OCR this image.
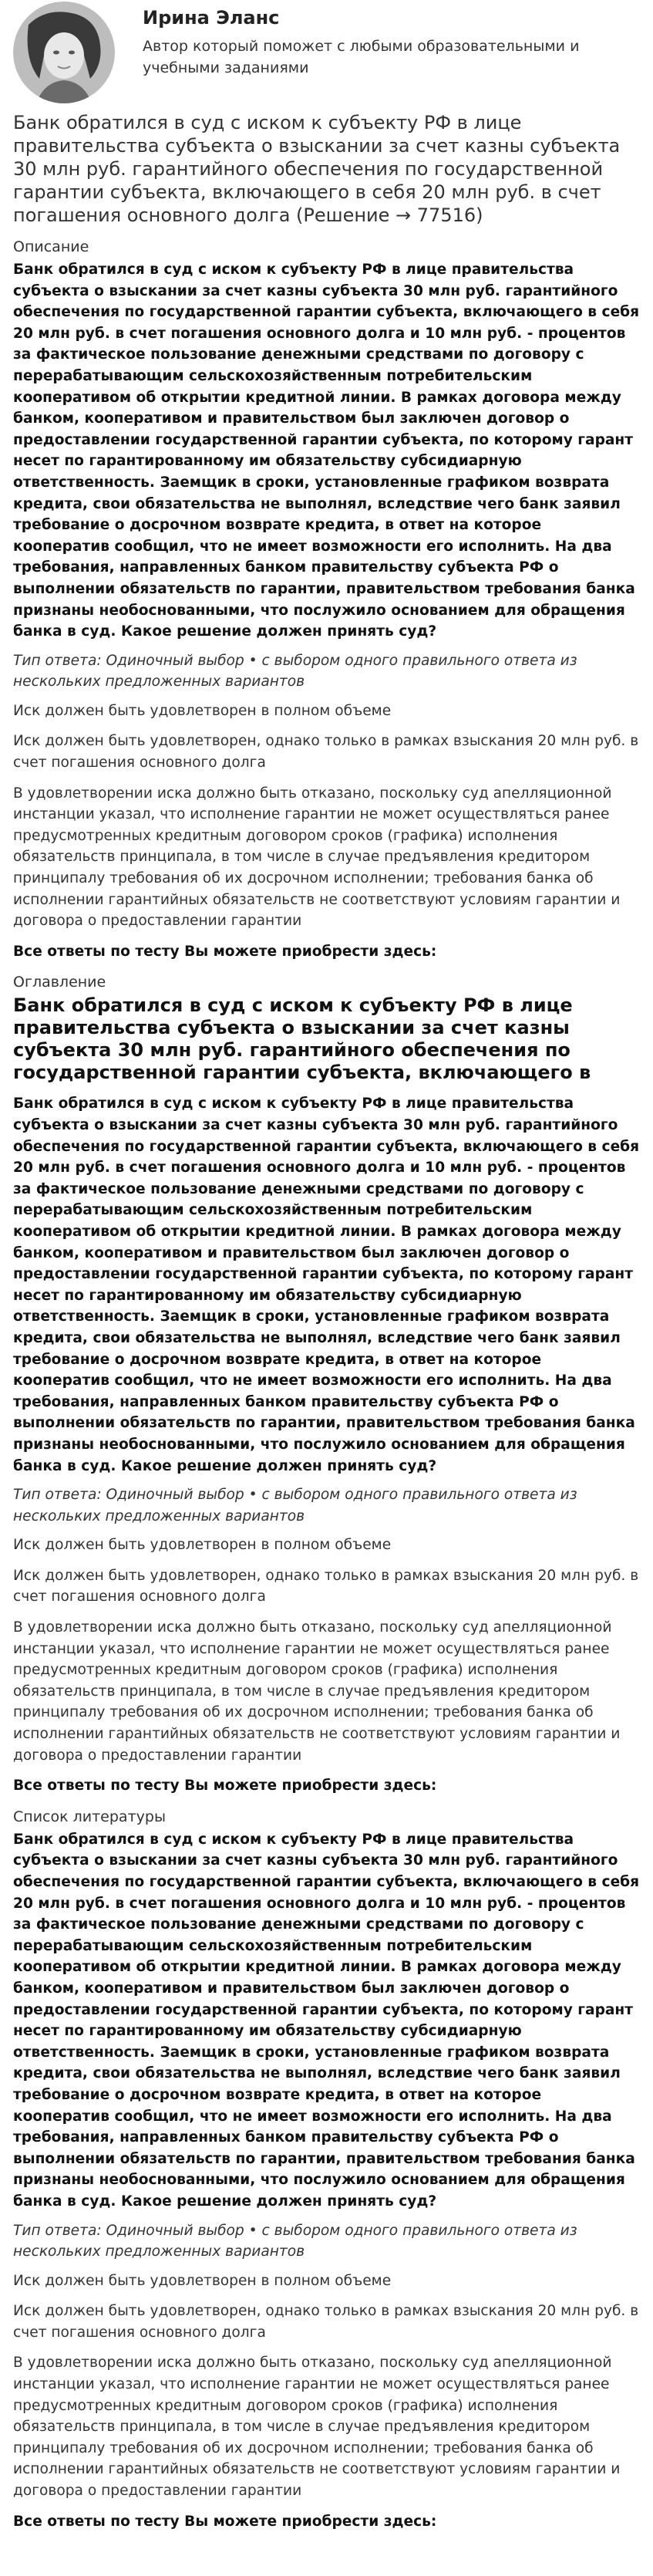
Ирина Эланс
Автор который поможет с любыми образовательными и учебными заданиями
Банк обратился в суд с иском к субъекту РФ в лице правительства субъекта о взыскании за счет казны субъекта 30 млн руб. гарантийного обеспечения по государственной гарантии субъекта, включающего в себя 20 млн руб. в счет погашения основного долга (Решение → 77516)
Описание
Банк обратился в суд с иском к субъекту РФ в лице правительства субъекта о взыскании за счет казны субъекта 30 млн руб. гарантийного обеспечения по государственной гарантии субъекта, включающего в себя 20 млн руб. в счет погашения основного долга и 10 млн руб. - процентов за фактическое пользование денежными средствами по договору с перерабатывающим сельскохозяйственным потребительским кооперативом об открытии кредитной линии. В рамках договора между банком, кооперативом и правительством был заключен договор о предоставлении государственной гарантии субъекта, по которому гарант несет по гарантированному им обязательству субсидиарную ответственность. Заемщик в сроки, установленные графиком возврата кредита, свои обязательства не выполнял, вследствие чего банк заявил требование о досрочном возврате кредита, в ответ на которое кооператив сообщил, что не имеет возможности его исполнить. На два требования, направленных банком правительству субъекта РФ о выполнении обязательств по гарантии, правительством требования банка признаны необоснованными, что послужило основанием для обращения банка в суд. Какое решение должен принять суд?
Тип ответа: Одиночный выбор • с выбором одного правильного ответа из нескольких предложенных вариантов
Иск должен быть удовлетворен в полном объеме
Иск должен быть удовлетворен, однако только в рамках взыскания 20 млн руб. в счет погашения основного долга
В удовлетворении иска должно быть отказано, поскольку суд апелляционной инстанции указал, что исполнение гарантии не может осуществляться ранее предусмотренных кредитным договором сроков (графика) исполнения обязательств принципала, в том числе в случае предъявления кредитором принципалу требования об их досрочном исполнении; требования банка об исполнении гарантийных обязательств не соответствуют условиям гарантии и договора о предоставлении гарантии
Все ответы по тесту Вы можете приобрести здесь:
Оглавление
Банк обратился в суд с иском к субъекту РФ в лице правительства субъекта о взыскании за счет казны субъекта 30 млн руб. гарантийного обеспечения по государственной гарантии субъекта, включающего в
Банк обратился в суд с иском к субъекту РФ в лице правительства субъекта о взыскании за счет казны субъекта 30 млн руб. гарантийного обеспечения по государственной гарантии субъекта, включающего в себя 20 млн руб. в счет погашения основного долга и 10 млн руб. - процентов за фактическое пользование денежными средствами по договору с перерабатывающим сельскохозяйственным потребительским кооперативом об открытии кредитной линии. В рамках договора между банком, кооперативом и правительством был заключен договор о предоставлении государственной гарантии субъекта, по которому гарант несет по гарантированному им обязательству субсидиарную ответственность. Заемщик в сроки, установленные графиком возврата кредита, свои обязательства не выполнял, вследствие чего банк заявил требование о досрочном возврате кредита, в ответ на которое кооператив сообщил, что не имеет возможности его исполнить. На два требования, направленных банком правительству субъекта РФ о выполнении обязательств по гарантии, правительством требования банка признаны необоснованными, что послужило основанием для обращения банка в суд. Какое решение должен принять суд?
Тип ответа: Одиночный выбор • с выбором одного правильного ответа из нескольких предложенных вариантов
Иск должен быть удовлетворен в полном объеме
Иск должен быть удовлетворен, однако только в рамках взыскания 20 млн руб. в счет погашения основного долга
В удовлетворении иска должно быть отказано, поскольку суд апелляционной инстанции указал, что исполнение гарантии не может осуществляться ранее предусмотренных кредитным договором сроков (графика) исполнения обязательств принципала, в том числе в случае предъявления кредитором принципалу требования об их досрочном исполнении; требования банка об исполнении гарантийных обязательств не соответствуют условиям гарантии и договора о предоставлении гарантии
Все ответы по тесту Вы можете приобрести здесь:
Список литературы
Банк обратился в суд с иском к субъекту РФ в лице правительства субъекта о взыскании за счет казны субъекта 30 млн руб. гарантийного обеспечения по государственной гарантии субъекта, включающего в себя 20 млн руб. в счет погашения основного долга и 10 млн руб. - процентов за фактическое пользование денежными средствами по договору с перерабатывающим сельскохозяйственным потребительским кооперативом об открытии кредитной линии. В рамках договора между банком, кооперативом и правительством был заключен договор о предоставлении государственной гарантии субъекта, по которому гарант несет по гарантированному им обязательству субсидиарную ответственность. Заемщик в сроки, установленные графиком возврата кредита, свои обязательства не выполнял, вследствие чего банк заявил требование о досрочном возврате кредита, в ответ на которое кооператив сообщил, что не имеет возможности его исполнить. На два требования, направленных банком правительству субъекта РФ о выполнении обязательств по гарантии, правительством требования банка признаны необоснованными, что послужило основанием для обращения банка в суд. Какое решение должен принять суд?
Тип ответа: Одиночный выбор • с выбором одного правильного ответа из нескольких предложенных вариантов
Иск должен быть удовлетворен в полном объеме
Иск должен быть удовлетворен, однако только в рамках взыскания 20 млн руб. в счет погашения основного долга
В удовлетворении иска должно быть отказано, поскольку суд апелляционной инстанции указал, что исполнение гарантии не может осуществляться ранее предусмотренных кредитным договором сроков (графика) исполнения обязательств принципала, в том числе в случае предъявления кредитором принципалу требования об их досрочном исполнении; требования банка об исполнении гарантийных обязательств не соответствуют условиям гарантии и договора о предоставлении гарантии
Все ответы по тесту Вы можете приобрести здесь:
